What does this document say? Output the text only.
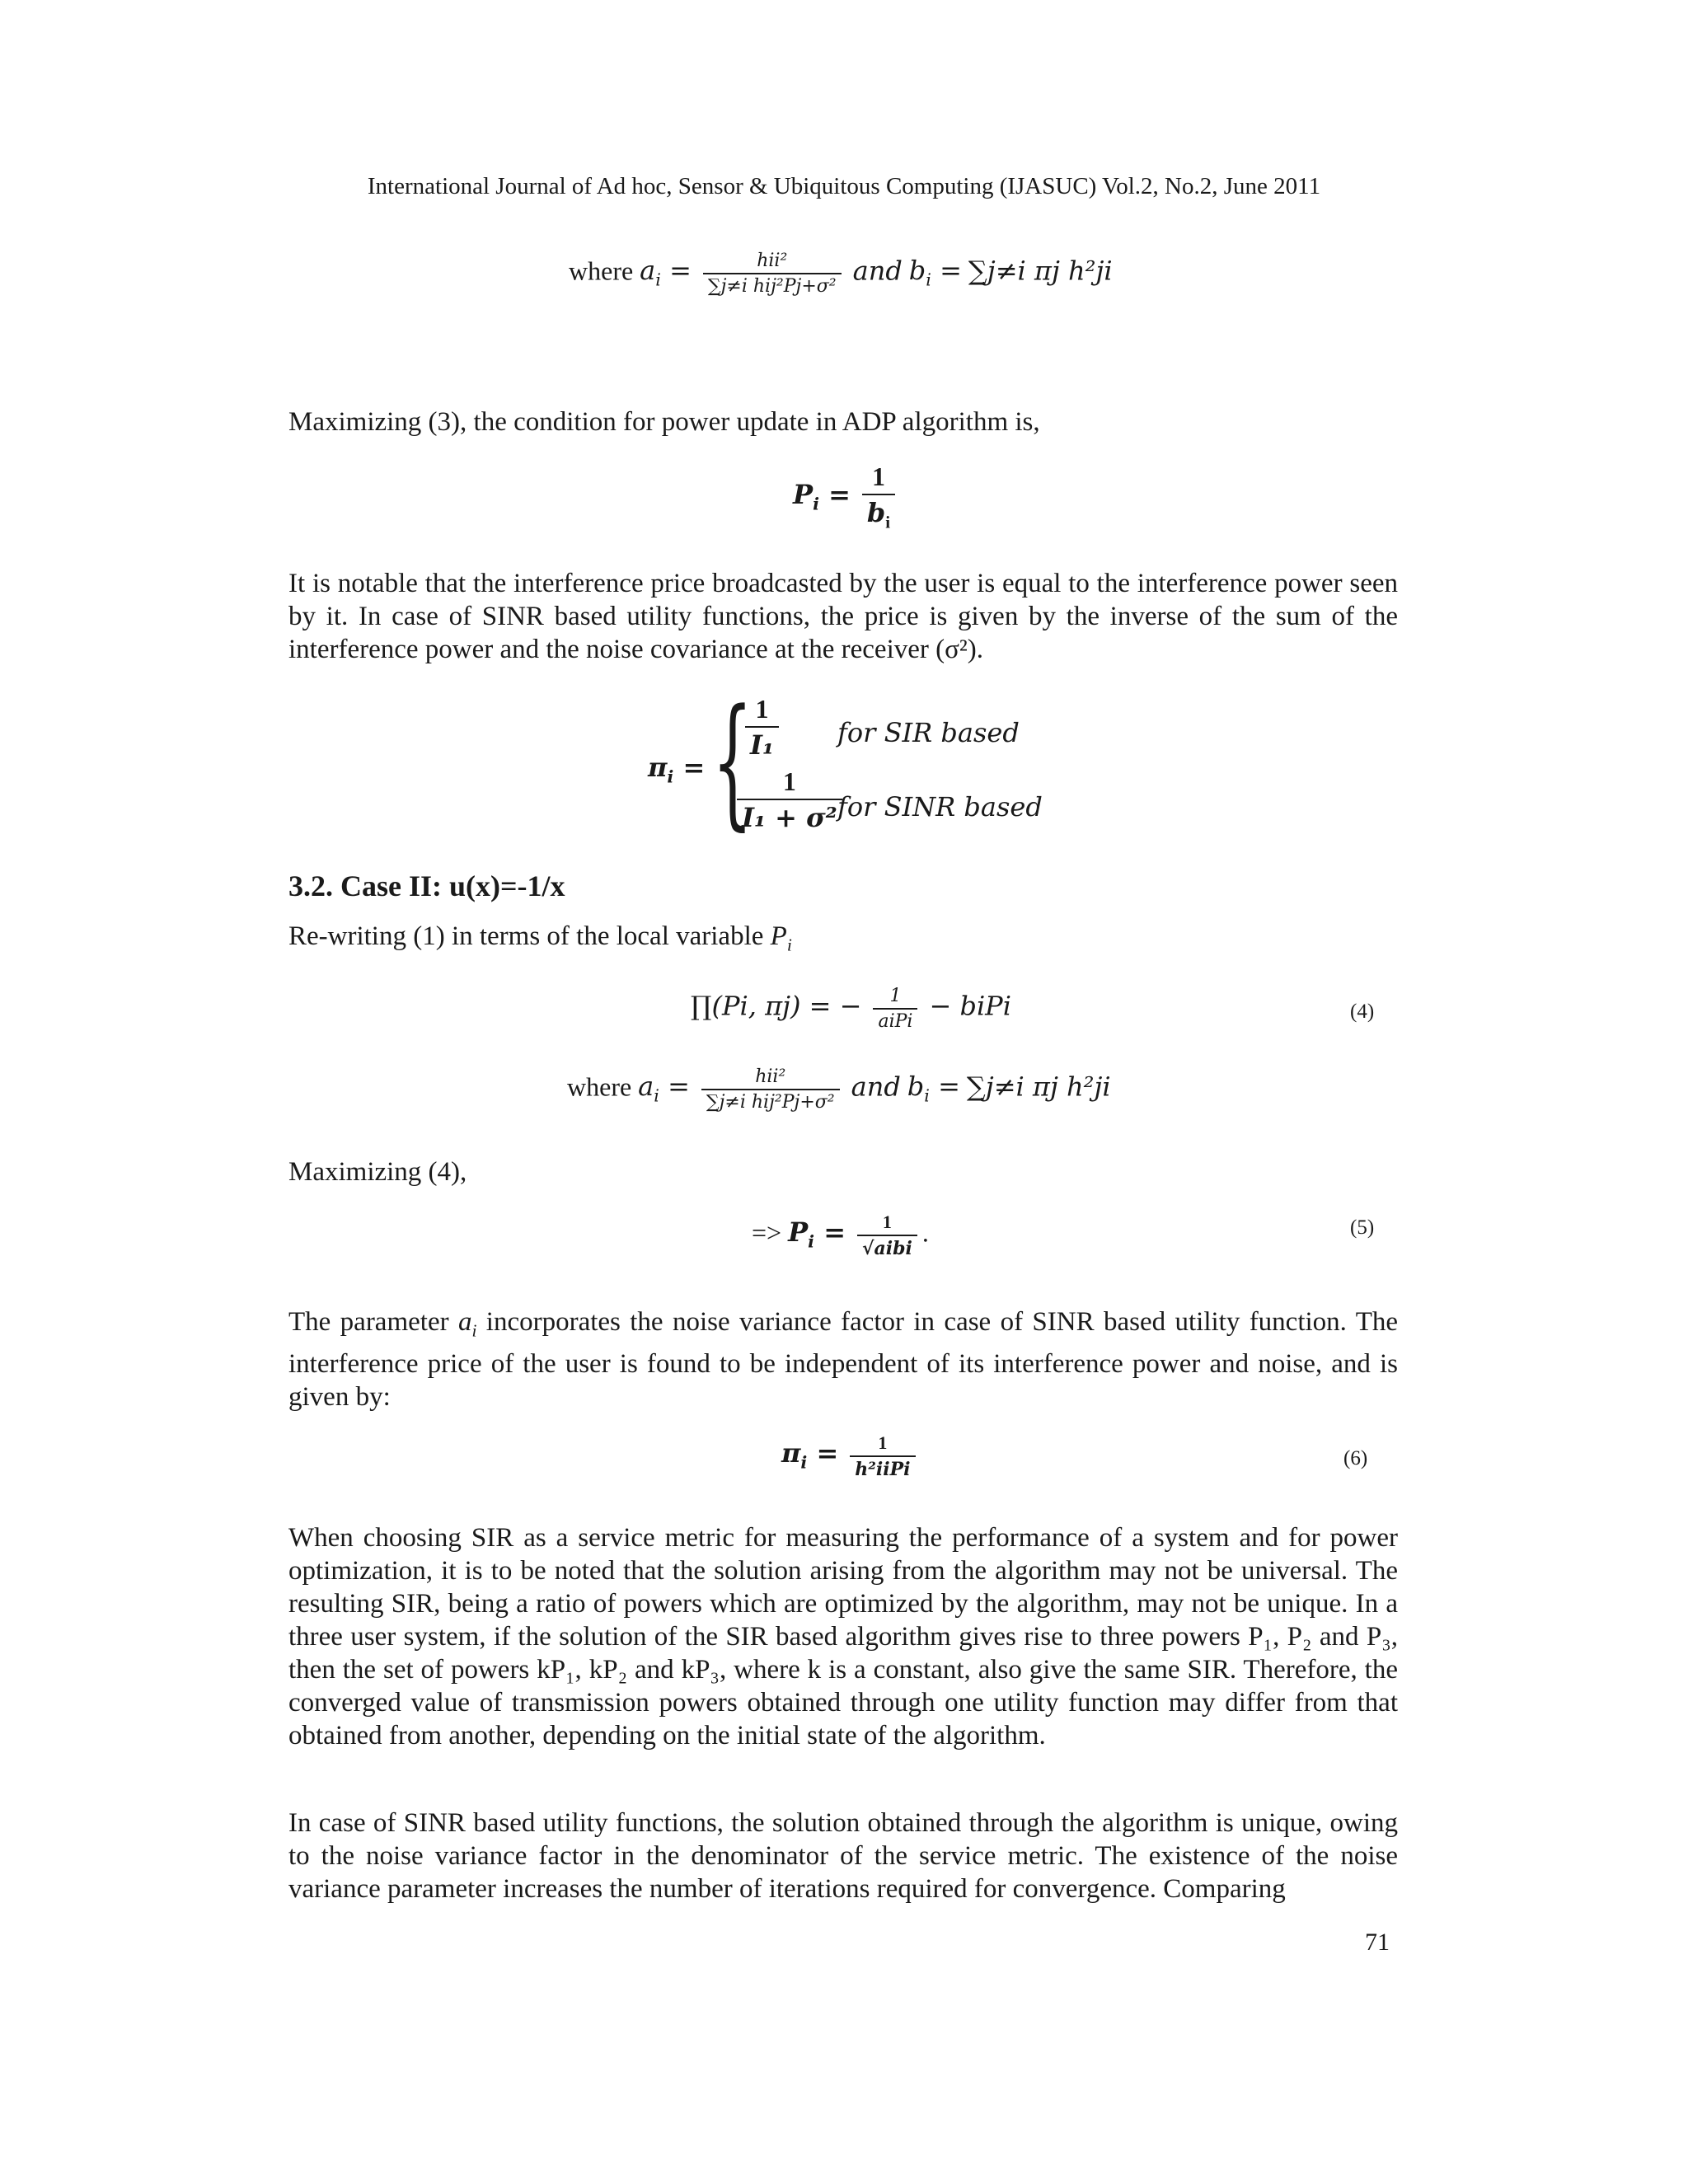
International Journal of Ad hoc, Sensor & Ubiquitous Computing (IJASUC) Vol.2, No.2, June 2011
where $a_i = \frac{\text{hii²}}{\text{∑j≠i hij²Pj+σ²}}$ and $b_i = \sum j\ne i$ πj h²ji

Maximizing (3), the condition for power update in ADP algorithm is,

$P_i = \frac{1}{b_i}$

It is notable that the interference price broadcasted by the user is equal to the interference power seen by it. In case of SINR based utility functions, the price is given by the inverse of the sum of the interference power and the noise covariance at the receiver (σ²).

$\pi_i$ = {
$\frac{1}{\text{I₁}}$ for SIR based
$\frac{1}{\text{I₁ + σ²}}$
for SINR based
3.2. Case II: u(x)=-1/x

Re-writing (1) in terms of the local variable $P_i$

∏(Pi, πj) = − $\frac{1}{\text{aiPi}}$ − biPi	(4)
where $a_i = \frac{\text{hii²}}{\text{∑j≠i hij²Pj+σ²}}$ and $b_i = \sum j\ne i$ πj h²ji

Maximizing (4),

=> $P_i = \frac{1}{\text{√aibi}}$ .	(5)

The parameter $a_i$ incorporates the noise variance factor in case of SINR based utility function. The interference price of the user is found to be independent of its interference power and noise, and is given by:

$\pi_i = \frac{1}{\text{h²iiPi}}$	(6)

When choosing SIR as a service metric for measuring the performance of a system and for power optimization, it is to be noted that the solution arising from the algorithm may not be universal. The resulting SIR, being a ratio of powers which are optimized by the algorithm, may not be unique. In a three user system, if the solution of the SIR based algorithm gives rise to three powers P₁, P₂ and P₃, then the set of powers kP₁, kP₂ and kP₃, where k is a constant, also give the same SIR. Therefore, the converged value of transmission powers obtained through one utility function may differ from that obtained from another, depending on the initial state of the algorithm.

In case of SINR based utility functions, the solution obtained through the algorithm is unique, owing to the noise variance factor in the denominator of the service metric. The existence of the noise variance parameter increases the number of iterations required for convergence. Comparing

71
